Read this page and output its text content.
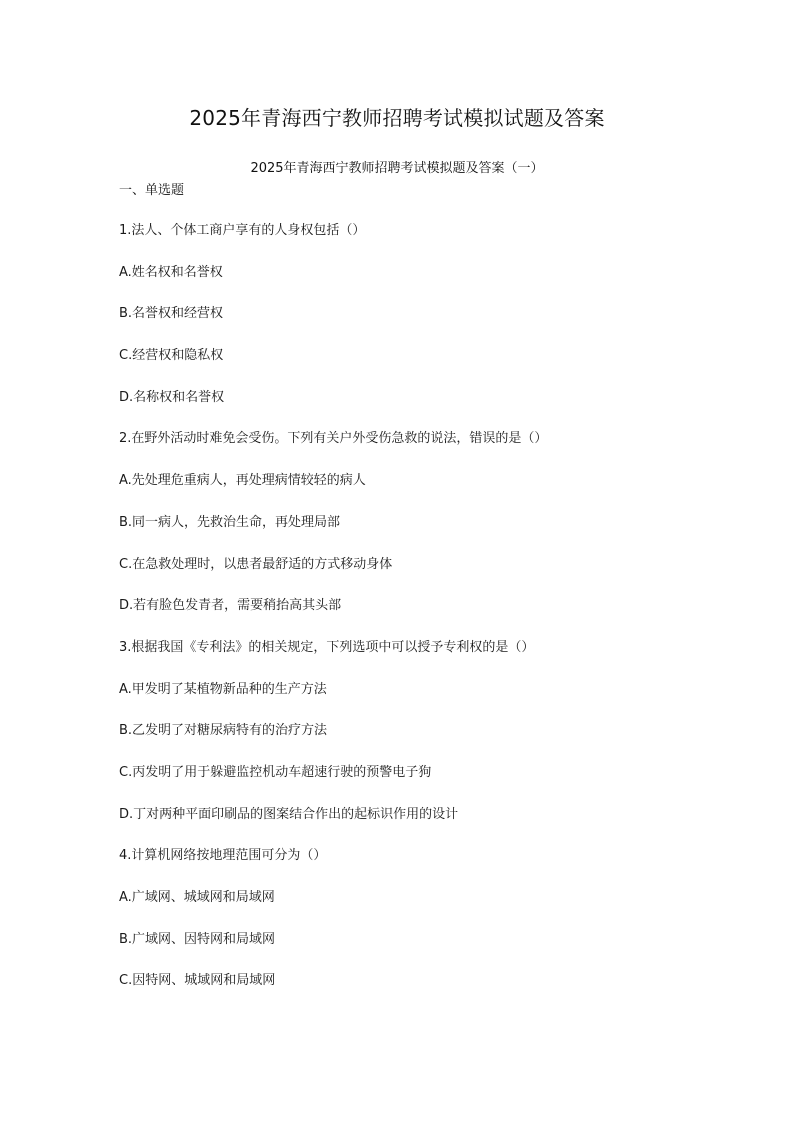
2025年青海西宁教师招聘考试模拟试题及答案
2025年青海西宁教师招聘考试模拟题及答案（一）
一、单选题
1.法人、个体工商户享有的人身权包括（）
A.姓名权和名誉权
B.名誉权和经营权
C.经营权和隐私权
D.名称权和名誉权
2.在野外活动时难免会受伤。下列有关户外受伤急救的说法，错误的是（）
A.先处理危重病人，再处理病情较轻的病人
B.同一病人，先救治生命，再处理局部
C.在急救处理时，以患者最舒适的方式移动身体
D.若有脸色发青者，需要稍抬高其头部
3.根据我国《专利法》的相关规定，下列选项中可以授予专利权的是（）
A.甲发明了某植物新品种的生产方法
B.乙发明了对糖尿病特有的治疗方法
C.丙发明了用于躲避监控机动车超速行驶的预警电子狗
D.丁对两种平面印刷品的图案结合作出的起标识作用的设计
4.计算机网络按地理范围可分为（）
A.广域网、城域网和局域网
B.广域网、因特网和局域网
C.因特网、城域网和局域网
